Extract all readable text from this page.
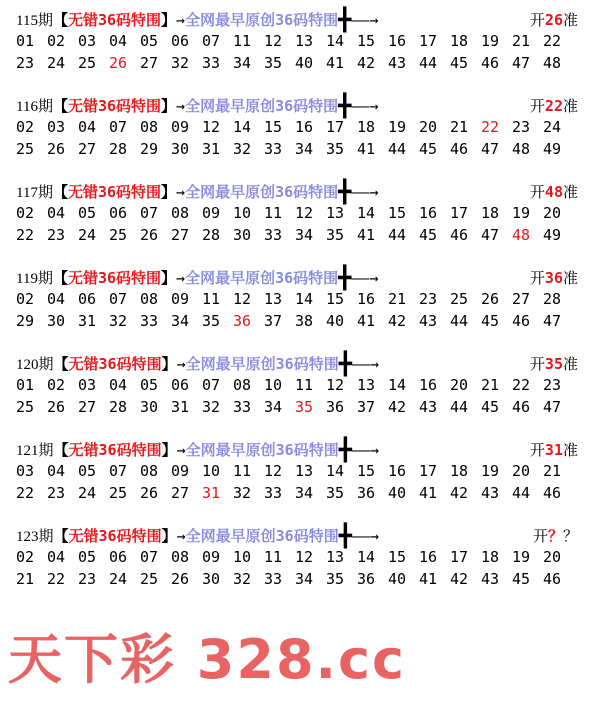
115期【无错36码特围】→全网最早原创36码特围╋——→	开26准
01 02 03 04 05 06 07 11 12 13 14 15 16 17 18 19 21 22
23 24 25 26 27 32 33 34 35 40 41 42 43 44 45 46 47 48
116期【无错36码特围】→全网最早原创36码特围╋——→	开22准
02 03 04 07 08 09 12 14 15 16 17 18 19 20 21 22 23 24
25 26 27 28 29 30 31 32 33 34 35 41 44 45 46 47 48 49
117期【无错36码特围】→全网最早原创36码特围╋——→	开48准
02 04 05 06 07 08 09 10 11 12 13 14 15 16 17 18 19 20
22 23 24 25 26 27 28 30 33 34 35 41 44 45 46 47 48 49
119期【无错36码特围】→全网最早原创36码特围╋——→	开36准
02 04 06 07 08 09 11 12 13 14 15 16 21 23 25 26 27 28
29 30 31 32 33 34 35 36 37 38 40 41 42 43 44 45 46 47
120期【无错36码特围】→全网最早原创36码特围╋——→	开35准
01 02 03 04 05 06 07 08 10 11 12 13 14 16 20 21 22 23
25 26 27 28 30 31 32 33 34 35 36 37 42 43 44 45 46 47
121期【无错36码特围】→全网最早原创36码特围╋——→	开31准
03 04 05 07 08 09 10 11 12 13 14 15 16 17 18 19 20 21
22 23 24 25 26 27 31 32 33 34 35 36 40 41 42 43 44 46
123期【无错36码特围】→全网最早原创36码特围╋——→	开？？
02 04 05 06 07 08 09 10 11 12 13 14 15 16 17 18 19 20
21 22 23 24 25 26 30 32 33 34 35 36 40 41 42 43 45 46
天下彩 328.cc
